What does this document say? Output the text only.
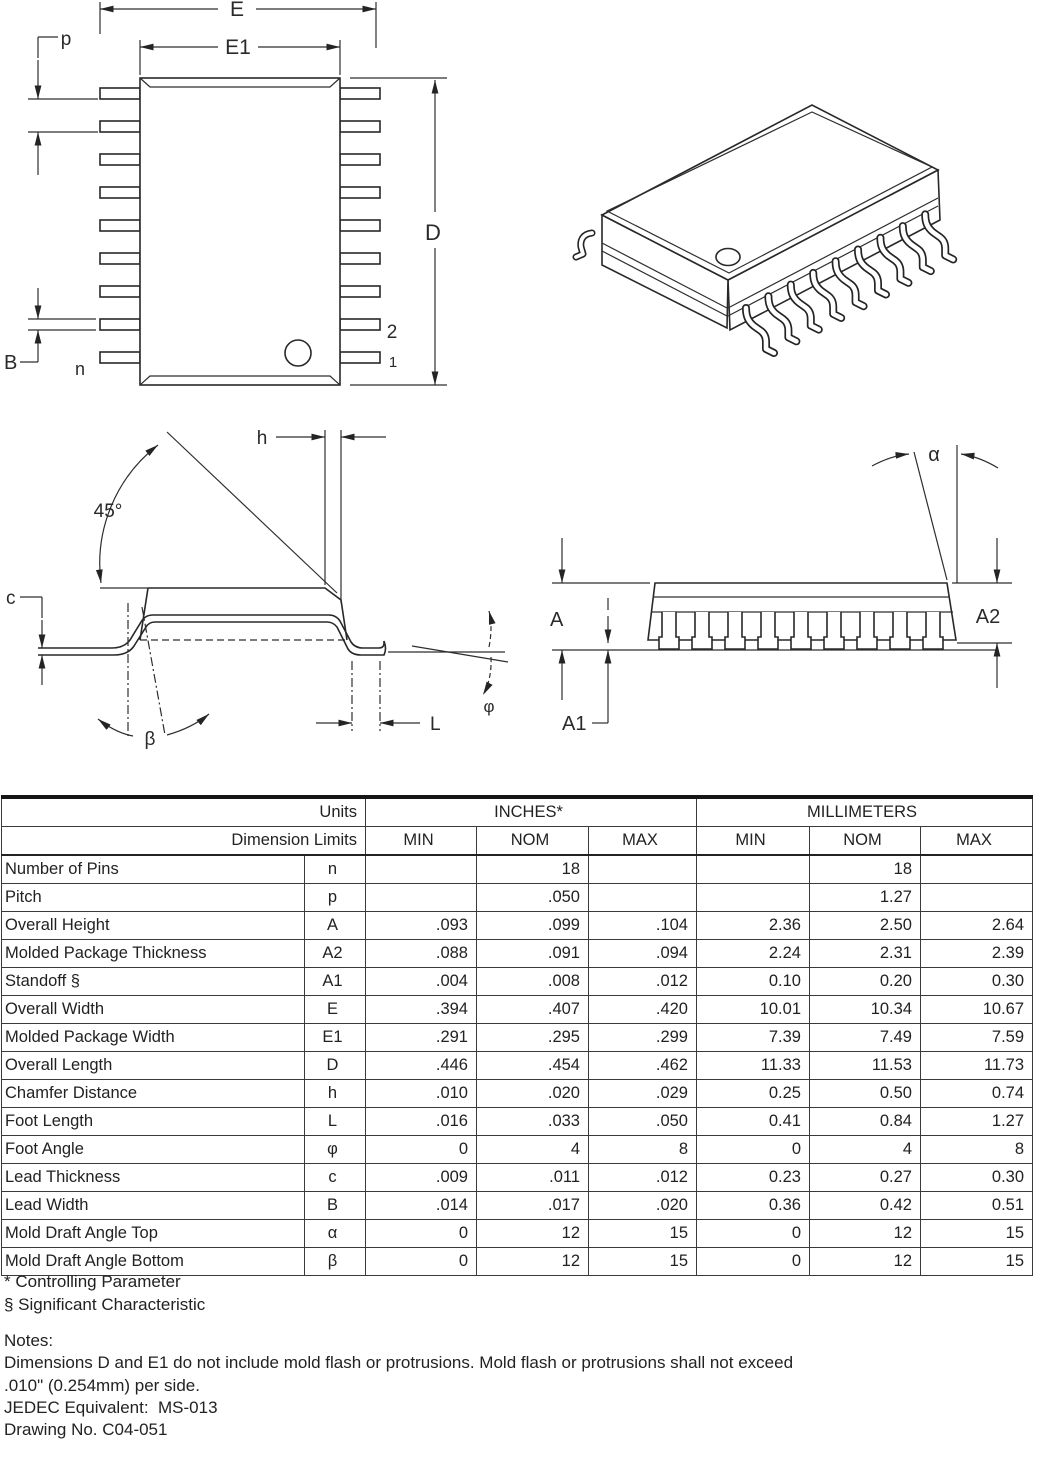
E
E1
D
p
B	n
2
1
45°
h
c
β
L
φ
A
A1
A2
α
Units		INCHES*			MILLIMETERS		
Dimension Limits		MIN	NOM	MAX	MIN	NOM	MAX
Number of Pins	n		18			18	
Pitch	p		.050			1.27	
Overall Height	A	.093	.099	.104	2.36	2.50	2.64
Molded Package Thickness	A2	.088	.091	.094	2.24	2.31	2.39
Standoff §	A1	.004	.008	.012	0.10	0.20	0.30
Overall Width	E	.394	.407	.420	10.01	10.34	10.67
Molded Package Width	E1	.291	.295	.299	7.39	7.49	7.59
Overall Length	D	.446	.454	.462	11.33	11.53	11.73
Chamfer Distance	h	.010	.020	.029	0.25	0.50	0.74
Foot Length	L	.016	.033	.050	0.41	0.84	1.27
Foot Angle	φ	0	4	8	0	4	8
Lead Thickness	c	.009	.011	.012	0.23	0.27	0.30
Lead Width	B	.014	.017	.020	0.36	0.42	0.51
Mold Draft Angle Top	α	0	12	15	0	12	15
Mold Draft Angle Bottom	β	0	12	15	0	12	15
* Controlling Parameter
§ Significant Characteristic
Notes:
Dimensions D and E1 do not include mold flash or protrusions. Mold flash or protrusions shall not exceed
.010" (0.254mm) per side.
JEDEC Equivalent:  MS-013
Drawing No. C04-051
